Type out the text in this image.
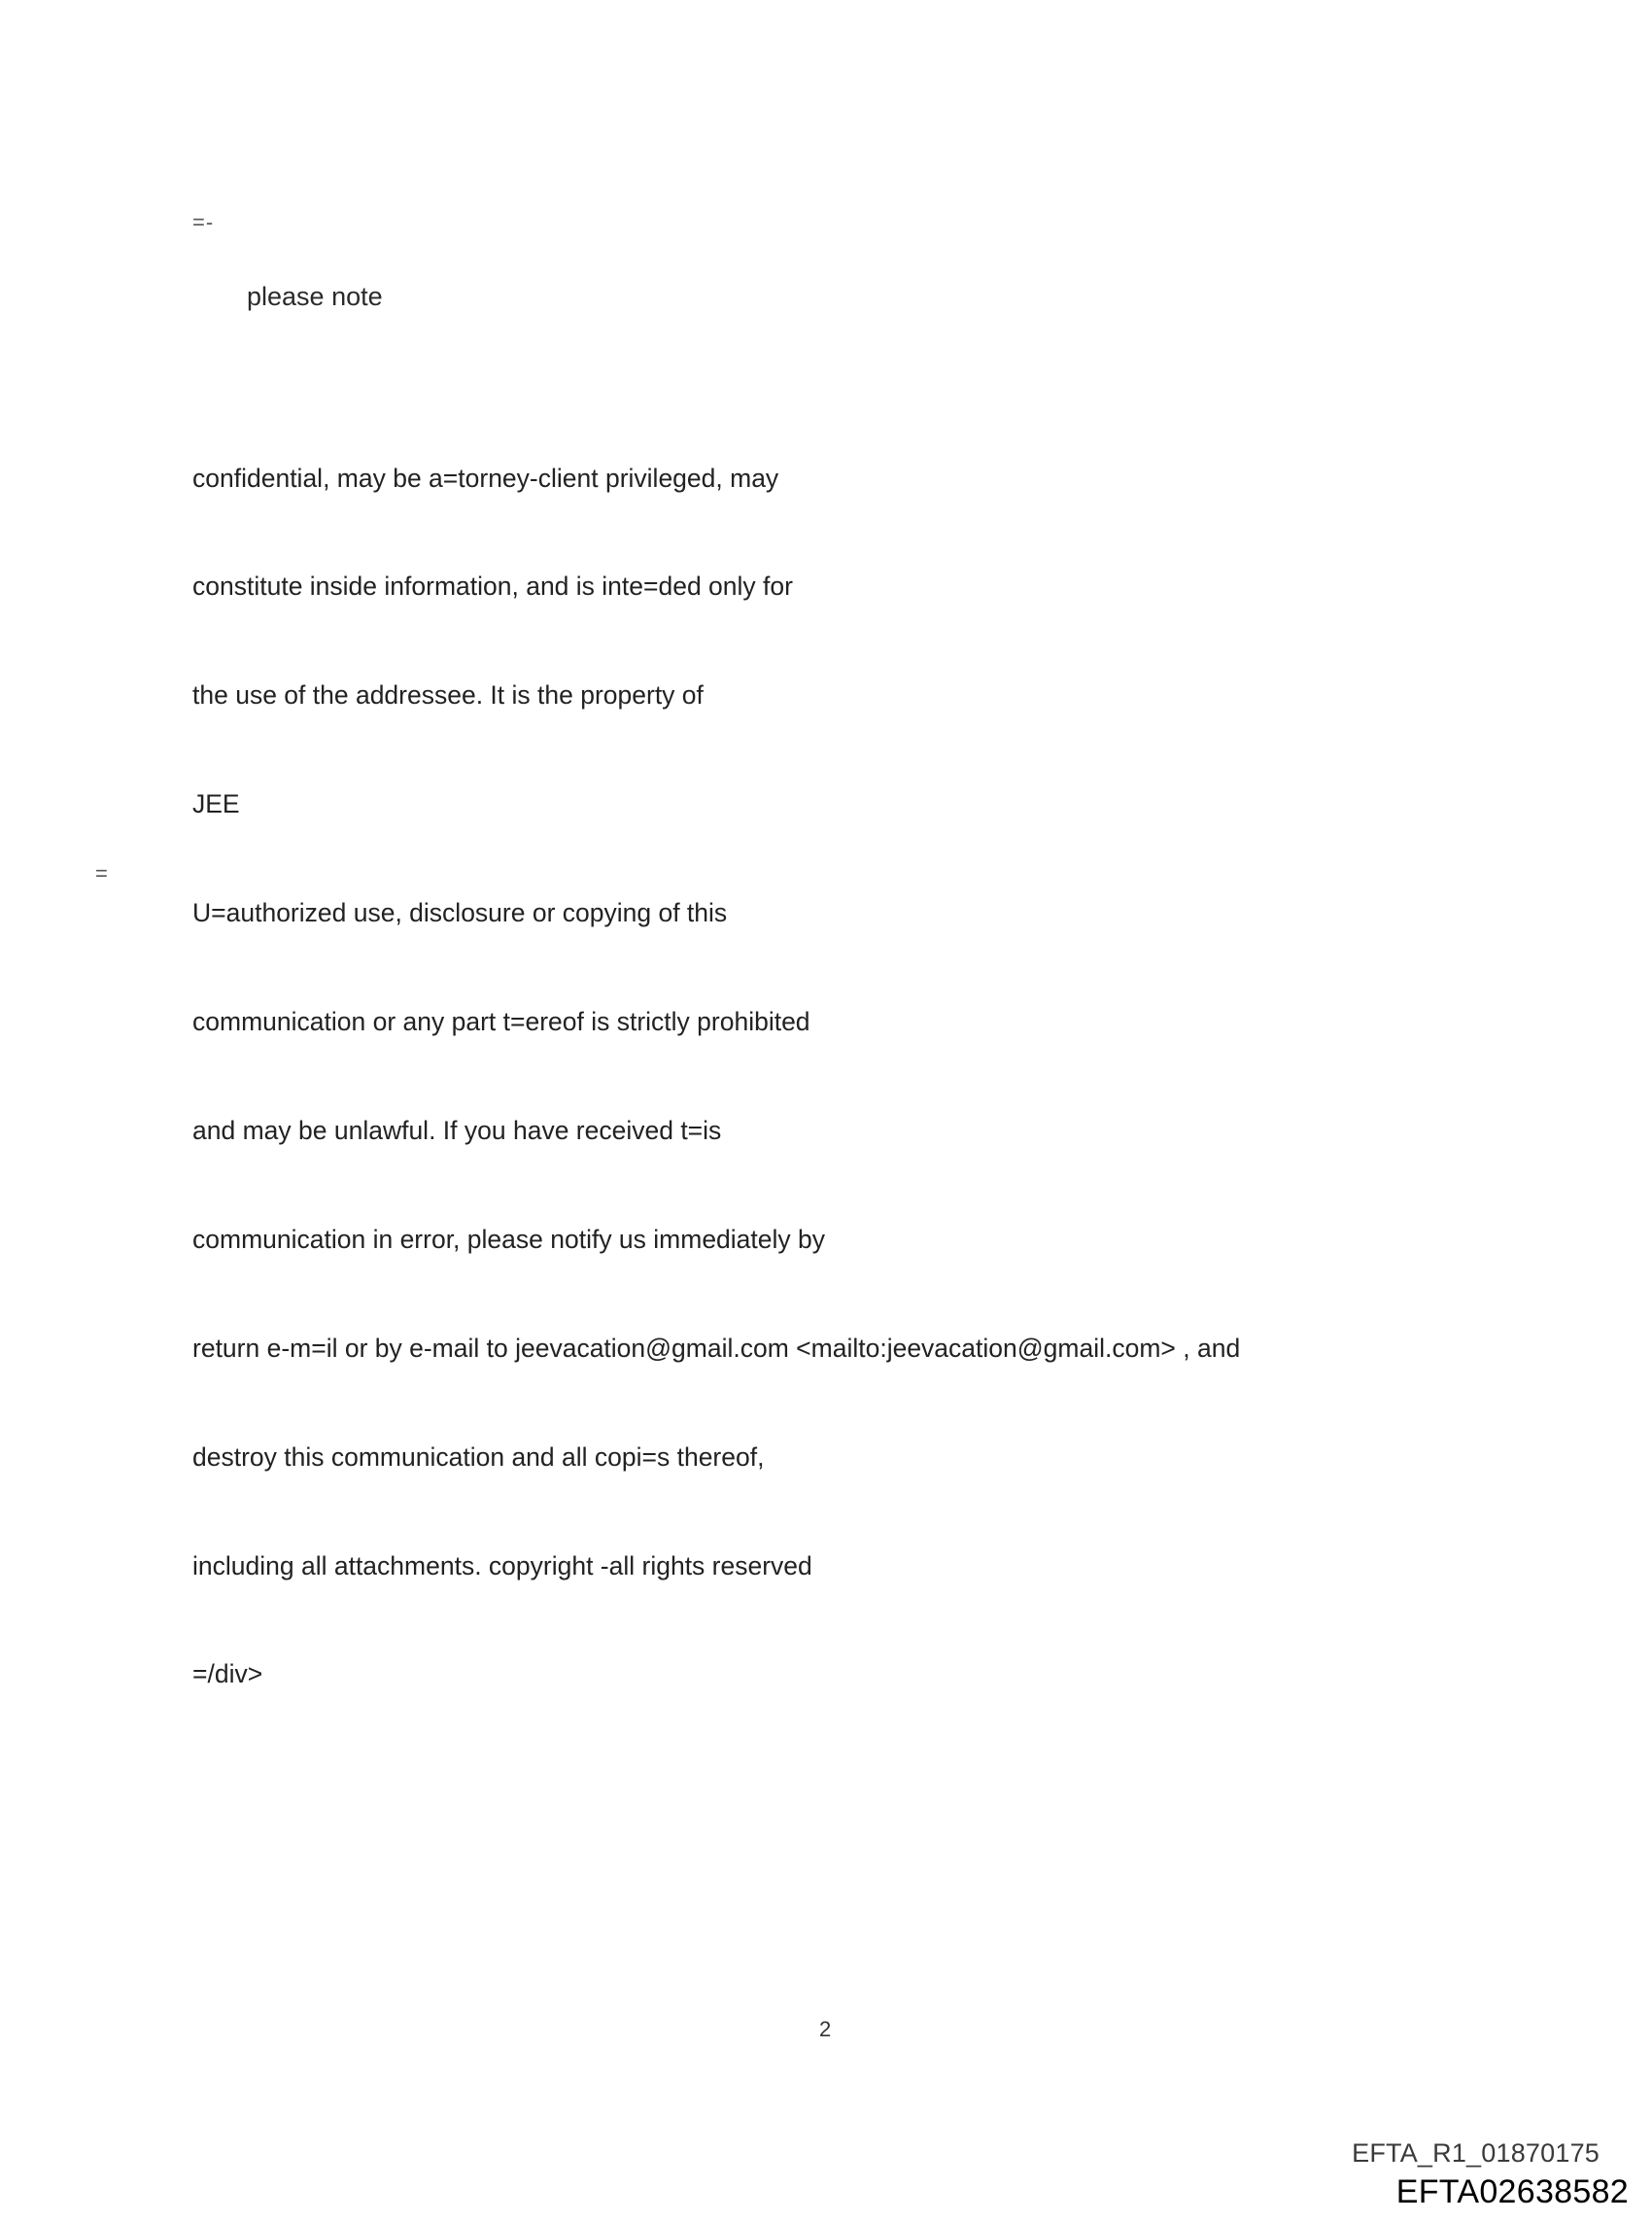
=-
please note

confidential, may be a=torney-client privileged, may

constitute inside information, and is inte=ded only for

the use of the addressee. It is the property of

JEE

U=authorized use, disclosure or copying of this

communication or any part t=ereof is strictly prohibited

and may be unlawful. If you have received t=is

communication in error, please notify us immediately by

return e-m=il or by e-mail to jeevacation@gmail.com <mailto:jeevacation@gmail.com> , and

destroy this communication and all copi=s thereof,

including all attachments. copyright -all rights reserved

=/div>

=
2
EFTA_R1_01870175
EFTA02638582
